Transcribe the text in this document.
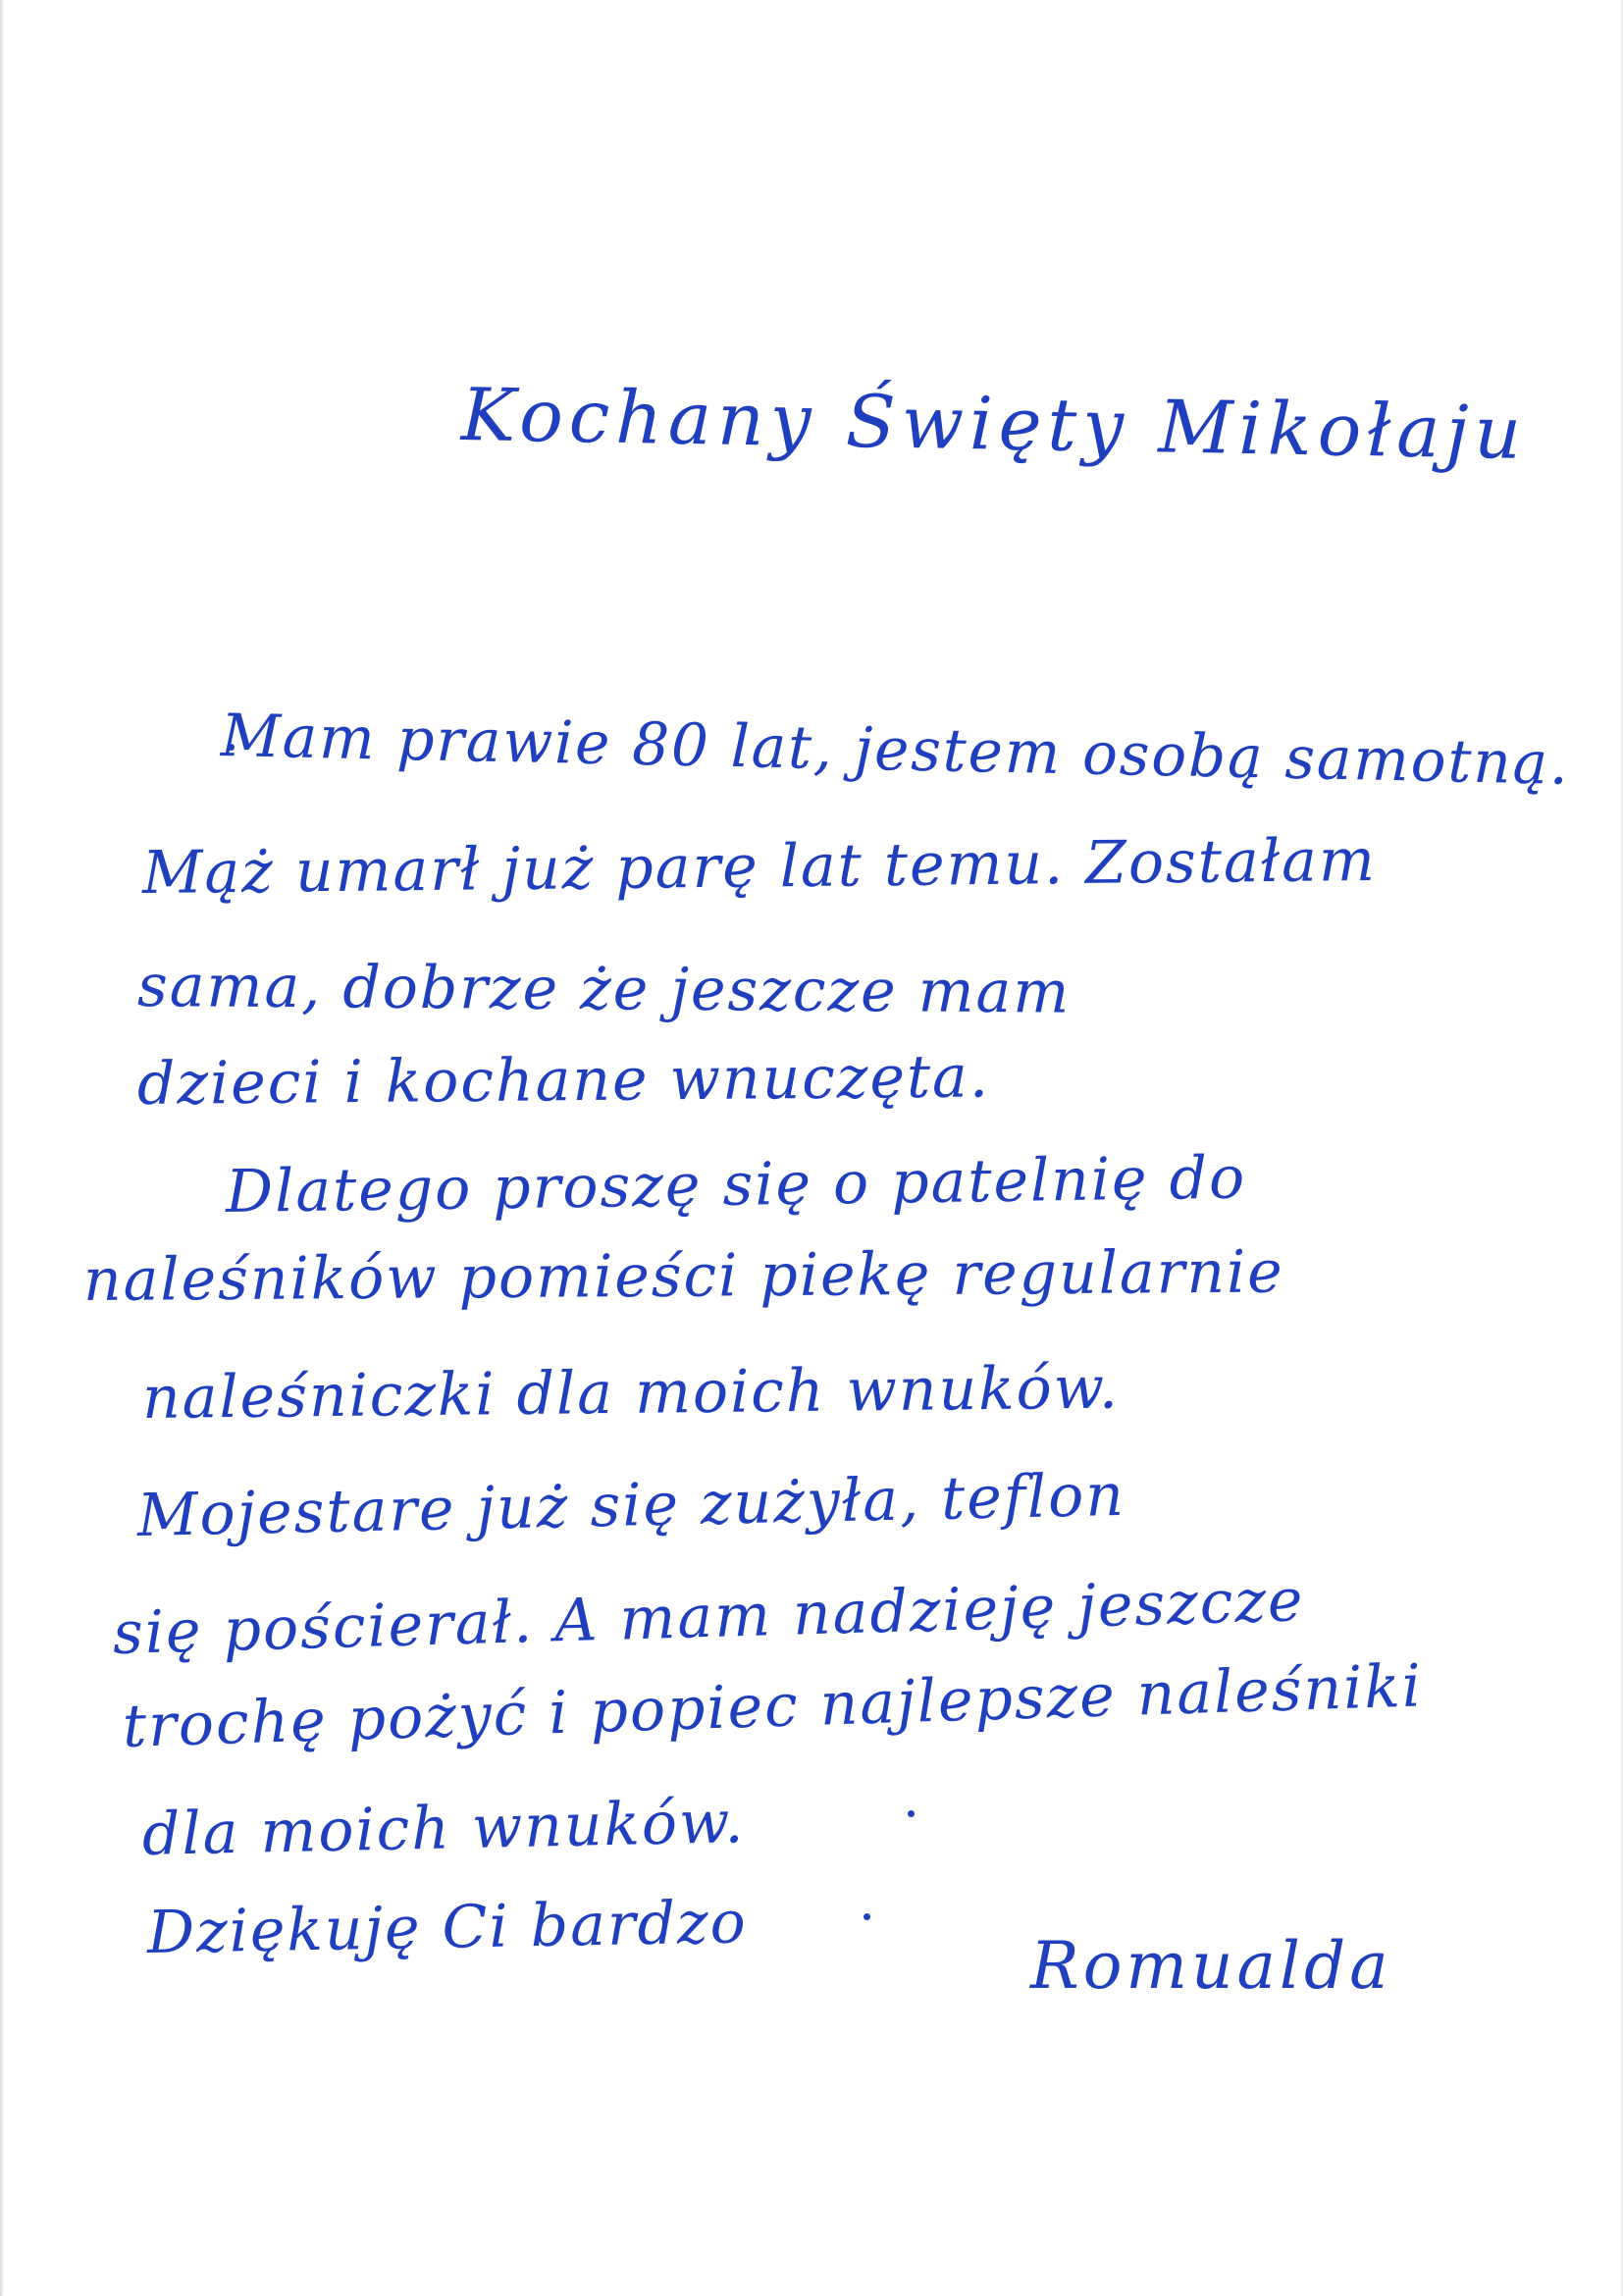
Kochany Święty Mikołaju
Mam prawie 80 lat, jestem osobą samotną.
Mąż umarł już parę lat temu. Zostałam
sama, dobrze że jeszcze mam
dzieci i kochane wnuczęta.
Dlatego proszę się o patelnię do
naleśników pomieści piekę regularnie
naleśniczki dla moich wnuków.
Mojestare już się zużyła, teflon
się pościerał. A mam nadzieję jeszcze
trochę pożyć i popiec najlepsze naleśniki
dla moich wnuków.
Dziękuję Ci bardzo	Romualda
